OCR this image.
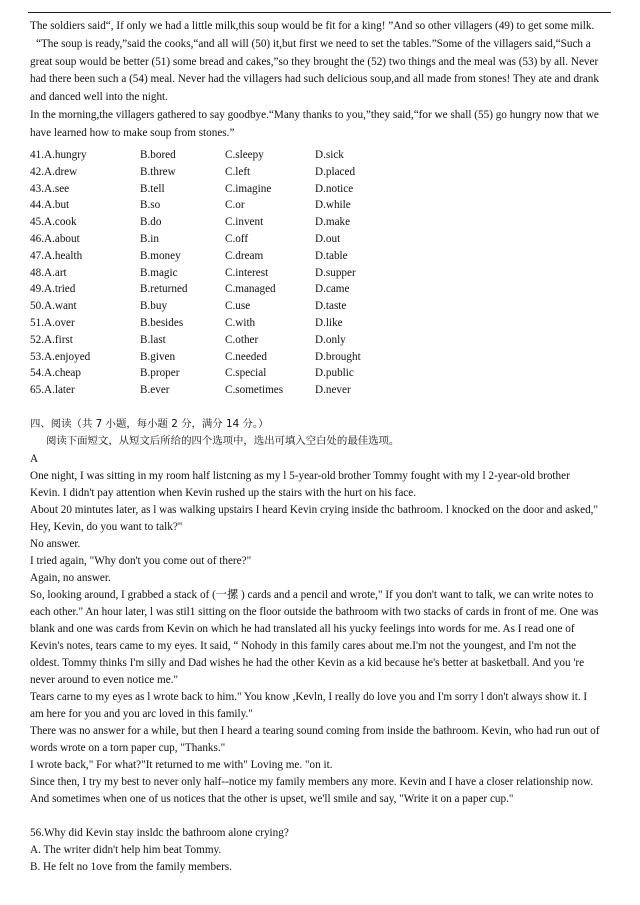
The soldiers said“, If only we had a little milk,this soup would be fit for a king! ”And so other villagers (49) to get some milk.
“The soup is ready,”said the cooks,“and all will (50) it,but first we need to set the tables.”Some of the villagers said,“Such a great soup would be better (51) some bread and cakes,”so they brought the (52) two things and the meal was (53) by all. Never had there been such a (54) meal. Never had the villagers had such delicious soup,and all made from stones! They ate and drank and danced well into the night.
In the morning,the villagers gathered to say goodbye.“Many thanks to you,”they said,“for we shall (55) go hungry now that we have learned how to make soup from stones.”
41.A.hungry	B.bored	C.sleepy	D.sick
42.A.drew	B.threw	C.left	D.placed
43.A.see	B.tell	C.imagine	D.notice
44.A.but	B.so	C.or	D.while
45.A.cook	B.do	C.invent	D.make
46.A.about	B.in	C.off	D.out
47.A.health	B.money	C.dream	D.table
48.A.art	B.magic	C.interest	D.supper
49.A.tried	B.returned	C.managed	D.came
50.A.want	B.buy	C.use	D.taste
51.A.over	B.besides	C.with	D.like
52.A.first	B.last	C.other	D.only
53.A.enjoyed	B.given	C.needed	D.brought
54.A.cheap	B.proper	C.special	D.public
65.A.later	B.ever	C.sometimes	D.never
四、阅读（共 7 小题，每小题 2 分，满分 14 分。）
阅读下面短文，从短文后所给的四个选项中，选出可填入空白处的最佳选项。
A
One night, I was sitting in my room half listcning as my l 5-year-old brother Tommy fought with my l 2-year-old brother
Kevin. I didn't pay attention when Kevin rushed up the stairs with the hurt on his face.
About 20 mintutes later, as l was walking upstairs I heard Kevin crying inside thc bathroom. l knocked on the door and asked,"
Hey, Kevin, do you want to talk?"
No answer.
I tried again, "Why don't you come out of there?"
Again, no answer.
So, looking around, I grabbed a stack of (一摞 ) cards and a pencil and wrote," If you don't want to talk, we can write notes to
each other." An hour later, l was stil1 sitting on the floor outside the bathroom with two stacks of cards in front of me. One was
blank and one was cards from Kevin on which he had translated all his yucky feelings into words for me. As I read one of
Kevin's notes, tears came to my eyes. It said, “ Nohody in this family cares about me.I'm not the youngest, and I'm not the
oldest. Tommy thinks I'm silly and Dad wishes he had the other Kevin as a kid because he's better at basketball. And you 're
never around to even notice me."
Tears carne to my eyes as l wrote back to him." You know ,Kevln, I really do love you and I'm sorry l don't always show it. I
am here for you and you arc loved in this family."
There was no answer for a while, but then I heard a tearing sound coming from inside the bathroom. Kevin, who had run out of
words wrote on a torn paper cup, "Thanks."
I wrote back," For what?"It returned to me with" Loving me. "on it.
Since then, I try my best to never only half--notice my family members any more. Kevin and I have a closer relationship now.
And sometimes when one of us notices that the other is upset, we'll smile and say, "Write it on a paper cup."
56.Why did Kevin stay insldc the bathroom alone crying?
A. The writer didn't help him beat Tommy.
B. He felt no 1ove from the family members.
